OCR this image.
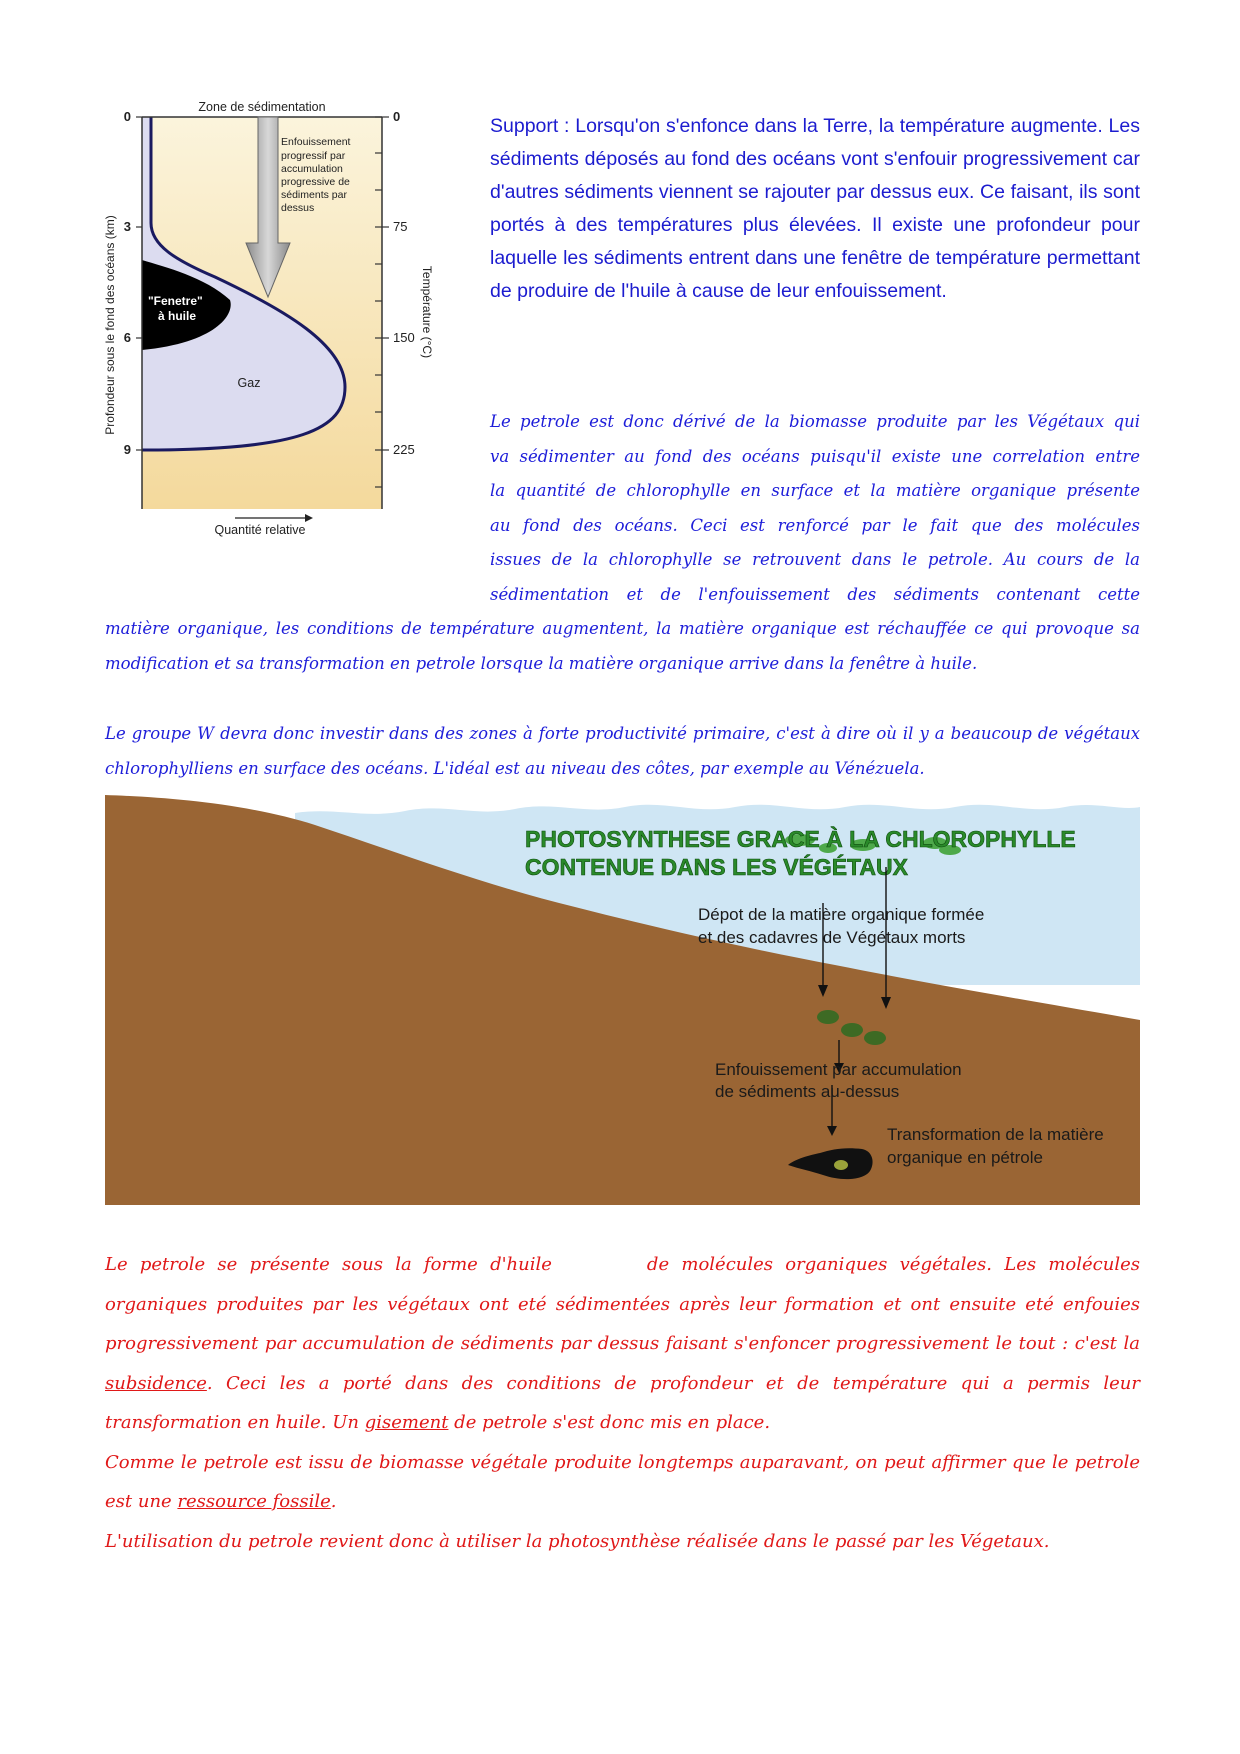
Zone de sédimentation
0
3
6
9
0
75
150
225
Profondeur sous le fond des océans (km)	Température (°C)
Quantité relative
Enfouissement progressif par accumulation progressive de sédiments par dessus
"Fenetre" à huile
Gaz

Support : Lorsqu'on s'enfonce dans la Terre, la température augmente. Les sédiments déposés au fond des océans vont s'enfouir progressivement car d'autres sédiments viennent se rajouter par dessus eux. Ce faisant, ils sont portés à des températures plus élevées. Il existe une profondeur pour laquelle les sédiments entrent dans une fenêtre de température permettant de produire de l'huile à cause de leur enfouissement.

Le petrole est donc dérivé de la biomasse produite par les Végétaux qui
va sédimenter au fond des océans puisqu'il existe une correlation entre
la quantité de chlorophylle en surface et la matière organique présente
au fond des océans. Ceci est renforcé par le fait que des molécules
issues de la chlorophylle se retrouvent dans le petrole. Au cours de la
sédimentation et de l'enfouissement des sédiments contenant cette

matière organique, les conditions de température augmentent, la matière organique est réchauffée ce qui provoque sa modification et sa transformation en petrole lorsque la matière organique arrive dans la fenêtre à huile.

Le groupe W devra donc investir dans des zones à forte productivité primaire, c'est à dire où il y a beaucoup de végétaux chlorophylliens en surface des océans. L'idéal est au niveau des côtes, par exemple au Vénézuela.

PHOTOSYNTHESE GRACE À LA CHLOROPHYLLE CONTENUE DANS LES VÉGÉTAUX
Dépot de la matière organique formée et des cadavres de Végétaux morts
Enfouissement par accumulation de sédiments au-dessus
Transformation de la matière organique en pétrole

Le petrole se présente sous la forme d'huile	de molécules organiques végétales. Les molécules organiques produites par les végétaux ont eté sédimentées après leur formation et ont ensuite eté enfouies progressivement par accumulation de sédiments par dessus faisant s'enfoncer progressivement le tout : c'est la subsidence. Ceci les a porté dans des conditions de profondeur et de température qui a permis leur transformation en huile. Un gisement de petrole s'est donc mis en place.

Comme le petrole est issu de biomasse végétale produite longtemps auparavant, on peut affirmer que le petrole est une ressource fossile.

L'utilisation du petrole revient donc à utiliser la photosynthèse réalisée dans le passé par les Végetaux.
